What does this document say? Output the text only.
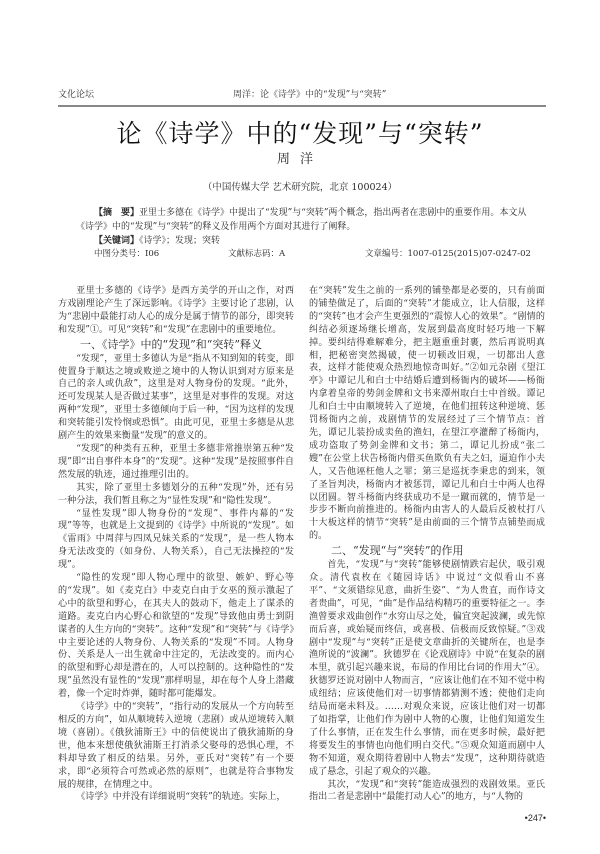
文化论坛	周洋：论《诗学》中的“发现”与“突转”
论《诗学》中的“发现”与“突转”
周洋
（中国传媒大学 艺术研究院，北京 100024）
【摘　要】亚里士多德在《诗学》中提出了“发现”与“突转”两个概念，指出两者在悲剧中的重要作用。本文从《诗学》中的“发现”与“突转”的释义及作用两个方面对其进行了阐释。
【关键词】《诗学》；发现；突转
中图分类号：I06	文献标志码：A	文章编号：1007-0125(2015)07-0247-02

亚里士多德的《诗学》是西方美学的开山之作，对西方戏剧理论产生了深远影响。《诗学》主要讨论了悲剧，认为“悲剧中最能打动人心的成分是属于情节的部分，即突转和发现”①。可见“突转”和“发现”在悲剧中的重要地位。

一、《诗学》中的“发现”和“突转”释义

“发现”，亚里士多德认为是“指从不知到知的转变，即使置身于顺达之境或败逆之境中的人物认识到对方原来是自己的亲人或仇敌”，这里是对人物身份的发现。“此外，还可发现某人是否做过某事”，这里是对事件的发现。对这两种“发现”，亚里士多德倾向于后一种，“因为这样的发现和突转能引发怜悯或恐惧”。由此可见，亚里士多德是从悲剧产生的效果来衡量“发现”的意义的。

“发现”的种类有五种，亚里士多德非常推崇第五种“发现”即“出自事件本身”的“发现”。这种“发现”是按照事件自然发展的轨迹，通过推理引出的。

其实，除了亚里士多德划分的五种“发现”外，还有另一种分法，我们暂且称之为“显性发现”和“隐性发现”。

“显性发现”即人物身份的“发现”、事件内幕的“发现”等等，也就是上文提到的《诗学》中所说的“发现”。如《雷雨》中周萍与四凤兄妹关系的“发现”，是一些人物本身无法改变的（如身份、人物关系），自己无法操控的“发现”。

“隐性的发现”即人物心理中的欲望、嫉妒、野心等的“发现”。如《麦克白》中麦克白由于女巫的预示激起了心中的欲望和野心，在其夫人的鼓动下，他走上了谋杀的道路。麦克白内心野心和欲望的“发现”导致他由勇士到阴谋者的人生方向的“突转”。这种“发现”和“突转”与《诗学》中主要论述的人物身份、人物关系的“发现”不同。人物身份、关系是人一出生就命中注定的，无法改变的。而内心的欲望和野心却是潜在的，人可以控制的。这种隐性的“发现”虽然没有显性的“发现”那样明显，却在每个人身上潜藏着，像一个定时炸弹，随时都可能爆发。

《诗学》中的“突转”，“指行动的发展从一个方向转至相反的方向”，如从顺境转入逆境（悲剧）或从逆境转入顺境（喜剧）。《俄狄浦斯王》中的信使说出了俄狄浦斯的身世，他本来想使俄狄浦斯王打消杀父娶母的恐惧心理，不料却导致了相反的结果。另外，亚氏对“突转”有一个要求，即“必须符合可然或必然的原则”，也就是符合事物发展的规律，在情理之中。

《诗学》中并没有详细说明“突转”的轨迹。实际上，

在“突转”发生之前的一系列的铺垫都是必要的，只有前面的铺垫做足了，后面的“突转”才能成立，让人信服，这样的“突转”也才会产生更强烈的“震惊人心的效果”。“剧情的纠结必须逐场继长增高，发展到最高度时轻巧地一下解掉。要纠结得难解难分，把主题重重封裹，然后再说明真相，把秘密突然揭破，使一切顿改旧观，一切都出人意表，这样才能使观众热烈地惊奇叫好。”②如元杂剧《望江亭》中谭记儿和白士中结婚后遭到杨衙内的破坏——杨衙内拿着皇帝的势剑金牌和文书来潭州取白士中首级。谭记儿和白士中由顺境转入了逆境，在他们扭转这种逆境、惩罚杨衙内之前，戏剧情节的发展经过了三个情节点：首先，谭记儿装扮成卖鱼的渔妇，在望江亭灌醉了杨衙内，成功盗取了势剑金牌和文书；第二，谭记儿扮成“张二嫂”在公堂上状告杨衙内借买鱼欺负有夫之妇，逼迫作小夫人，又告他诬枉他人之罪；第三是巡抚李秉忠的到来，领了圣旨判决，杨衙内才被惩罚，谭记儿和白士中两人也得以团圆。智斗杨衙内终获成功不是一蹴而就的，情节是一步步不断向前推进的。杨衙内由害人的人最后反被杖打八十大板这样的情节“突转”是由前面的三个情节点铺垫而成的。

二、“发现“与“突转”的作用

首先，“发现”与“突转”能够使剧情跌宕起伏，吸引观众。清代袁枚在《随园诗话》中说过“文似看山不喜平”、“文须错综见意，曲折生姿”、“为人贵直，而作诗文者贵曲”，可见，“曲”是作品结构精巧的重要特征之一。李渔曾要求戏曲创作“水穷山尽之处，偏宜突起波澜，或先惊而后喜，或始疑而终信，或喜极、信极而反致惊疑。”③戏剧中“发现”与“突转”正是使文章曲折的关键所在，也是李渔所说的“波澜”。狄德罗在《论戏剧诗》中说“在复杂的剧本里，就引起兴趣来说，布局的作用比台词的作用大”④。狄德罗还说对剧中人物而言，“应该让他们在不知不觉中构成纽结；应该使他们对一切事情都猜测不透；使他们走向结局而毫未料及。……对观众来说，应该让他们对一切都了如指掌，让他们作为剧中人物的心腹，让他们知道发生了什么事情，正在发生什么事情，而在更多时候，最好把将要发生的事情也向他们明白交代。”⑤观众知道而剧中人物不知道，观众期待着剧中人物去“发现”，这种期待就造成了悬念，引起了观众的兴趣。

其次，“发现”和“突转”能造成强烈的戏剧效果。亚氏指出二者是悲剧中“最能打动人心”的地方，与“人物的

•247•
